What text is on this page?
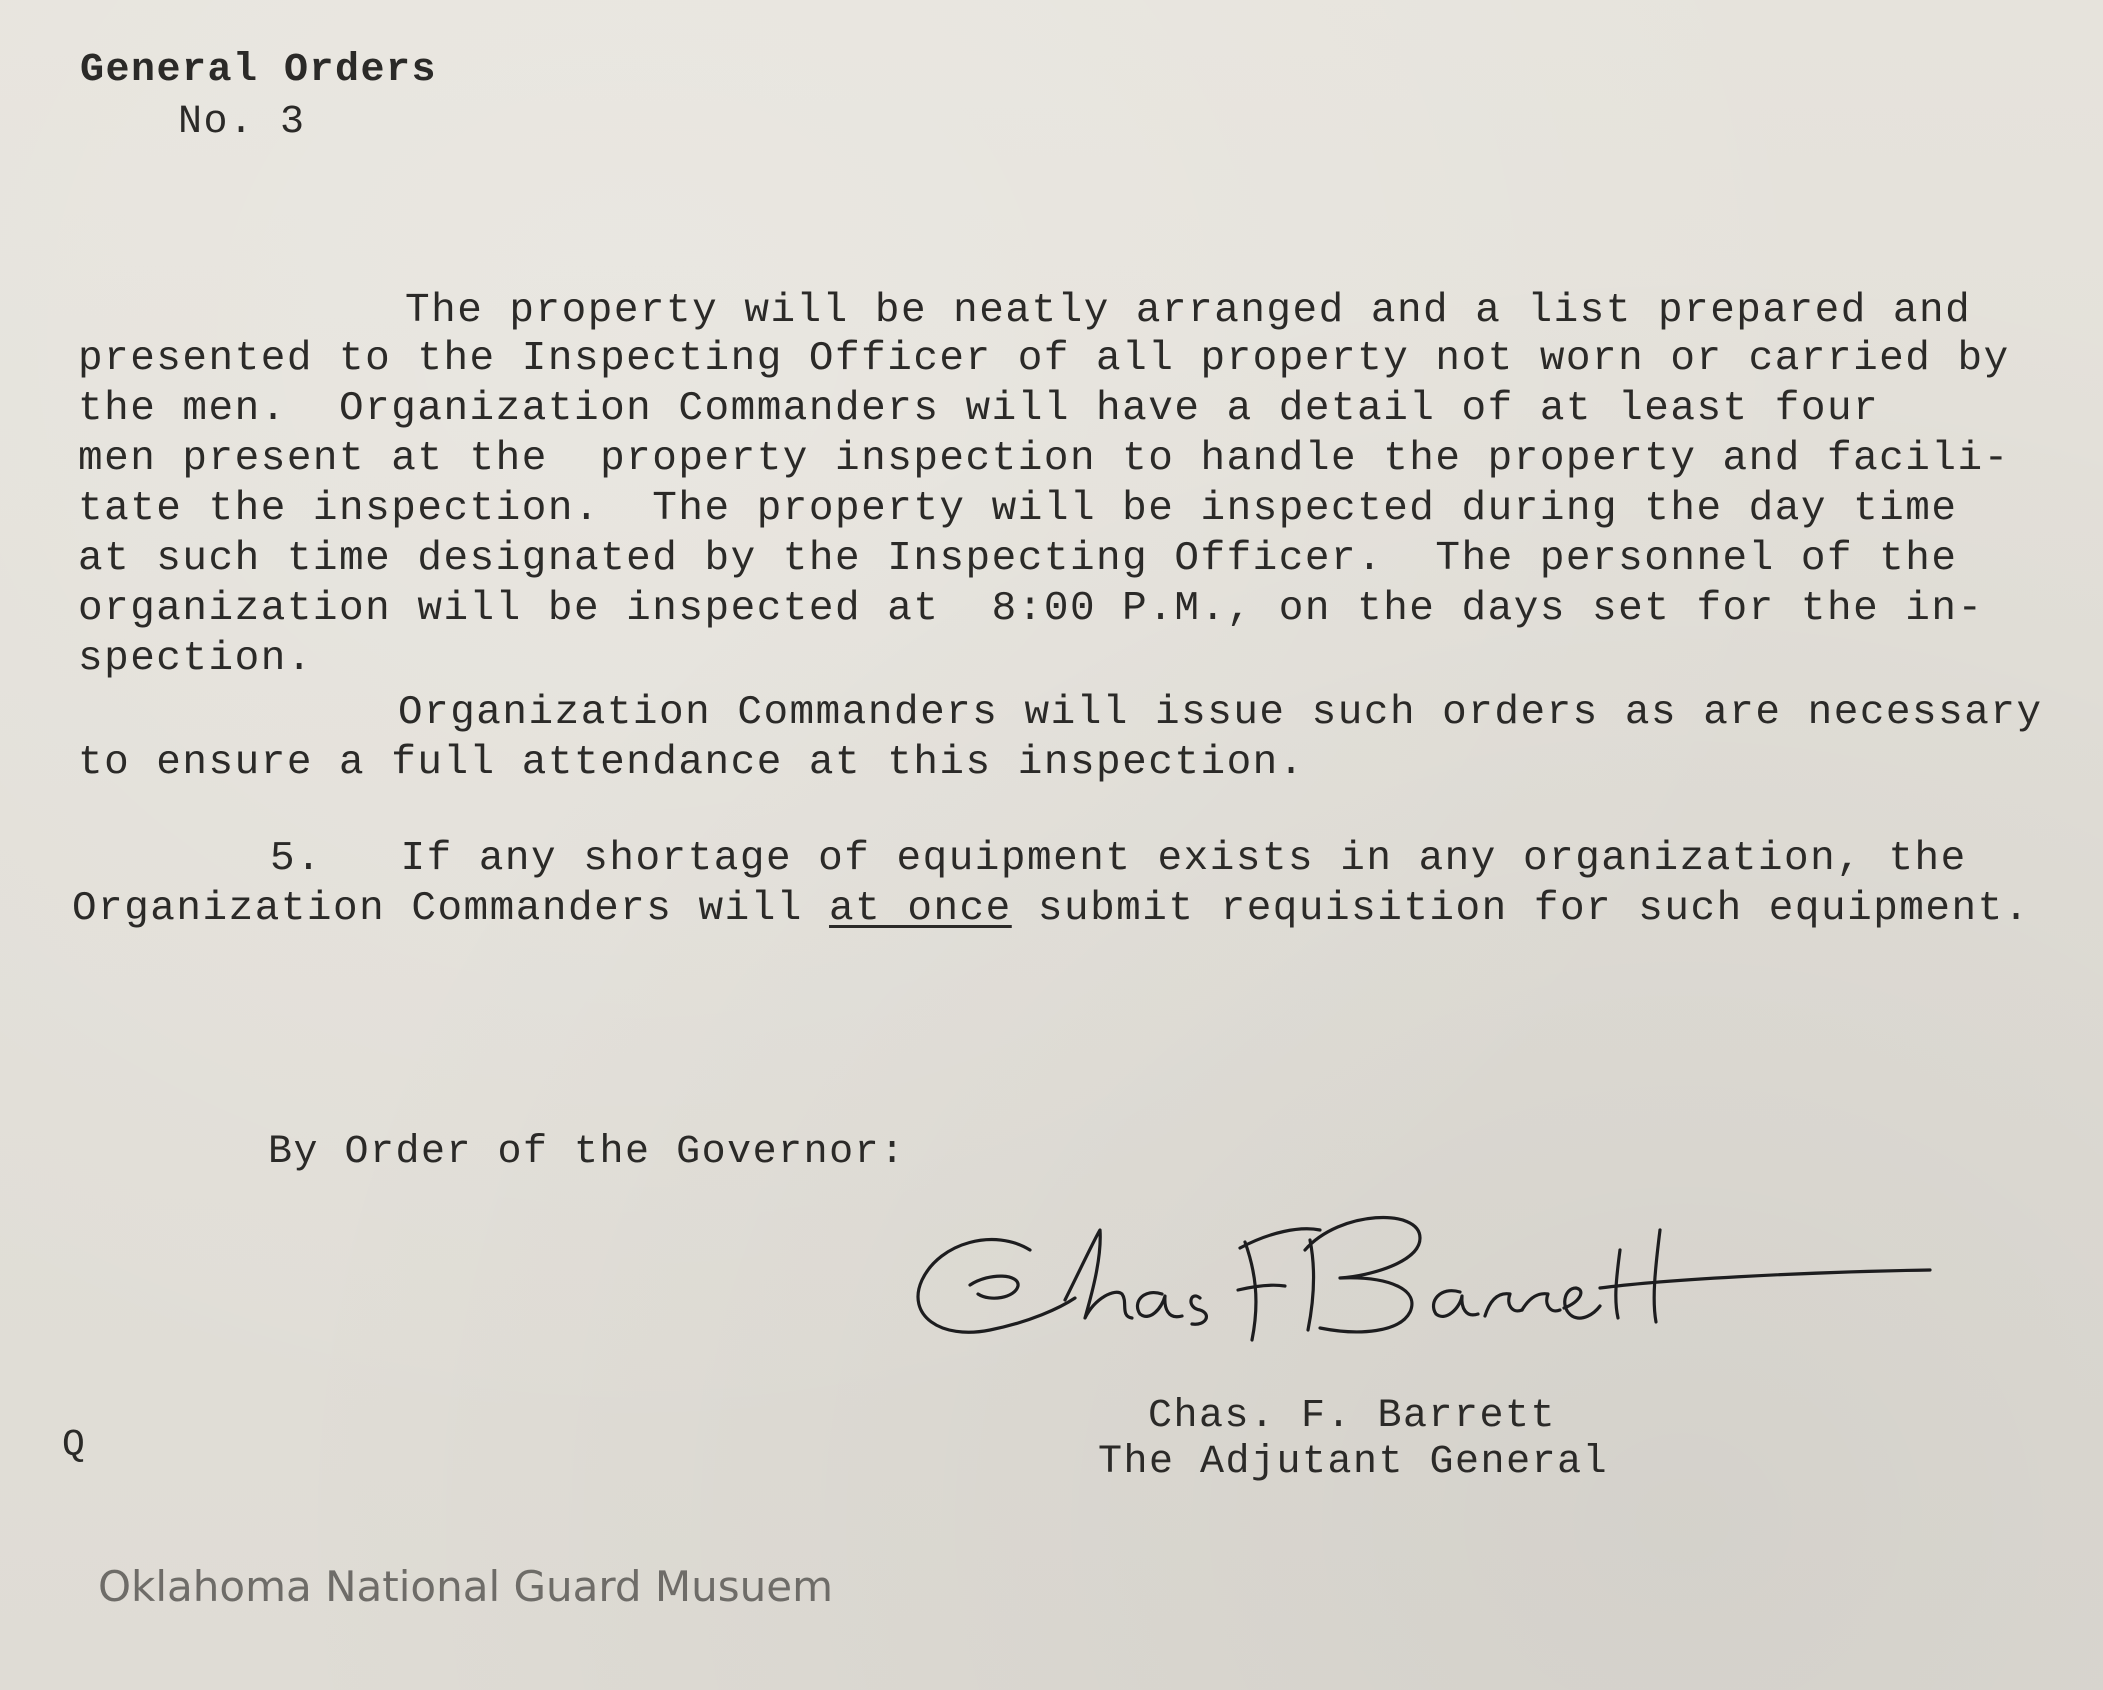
General Orders

No. 3

The property will be neatly arranged and a list prepared and

presented to the Inspecting Officer of all property not worn or carried by

the men.  Organization Commanders will have a detail of at least four

men present at the  property inspection to handle the property and facili-

tate the inspection.  The property will be inspected during the day time

at such time designated by the Inspecting Officer.  The personnel of the

organization will be inspected at  8:00 P.M., on the days set for the in-

spection.

Organization Commanders will issue such orders as are necessary

to ensure a full attendance at this inspection.

5.   If any shortage of equipment exists in any organization, the

Organization Commanders will at once submit requisition for such equipment.

By Order of the Governor:

Chas. F. Barrett

The Adjutant General

Q

Oklahoma National Guard Musuem
